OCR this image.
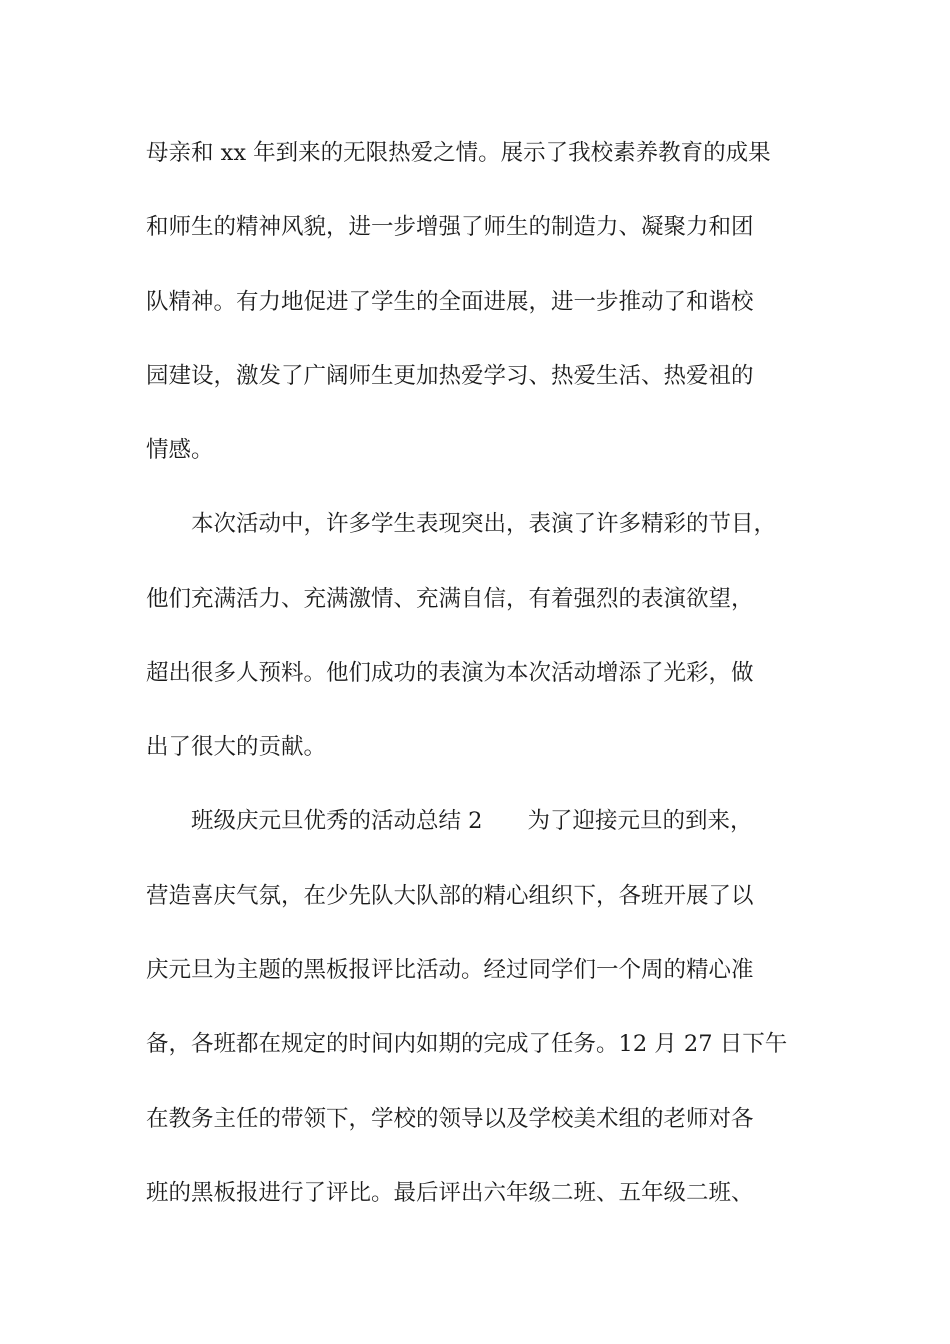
母亲和 xx 年到来的无限热爱之情。展示了我校素养教育的成果
和师生的精神风貌，进一步增强了师生的制造力、凝聚力和团
队精神。有力地促进了学生的全面进展，进一步推动了和谐校
园建设，激发了广阔师生更加热爱学习、热爱生活、热爱祖的
情感。
　　本次活动中，许多学生表现突出，表演了许多精彩的节目，
他们充满活力、充满激情、充满自信，有着强烈的表演欲望，
超出很多人预料。他们成功的表演为本次活动增添了光彩，做
出了很大的贡献。
　　班级庆元旦优秀的活动总结 2　　为了迎接元旦的到来，
营造喜庆气氛，在少先队大队部的精心组织下，各班开展了以
庆元旦为主题的黑板报评比活动。经过同学们一个周的精心准
备，各班都在规定的时间内如期的完成了任务。12 月 27 日下午
在教务主任的带领下，学校的领导以及学校美术组的老师对各
班的黑板报进行了评比。最后评出六年级二班、五年级二班、
